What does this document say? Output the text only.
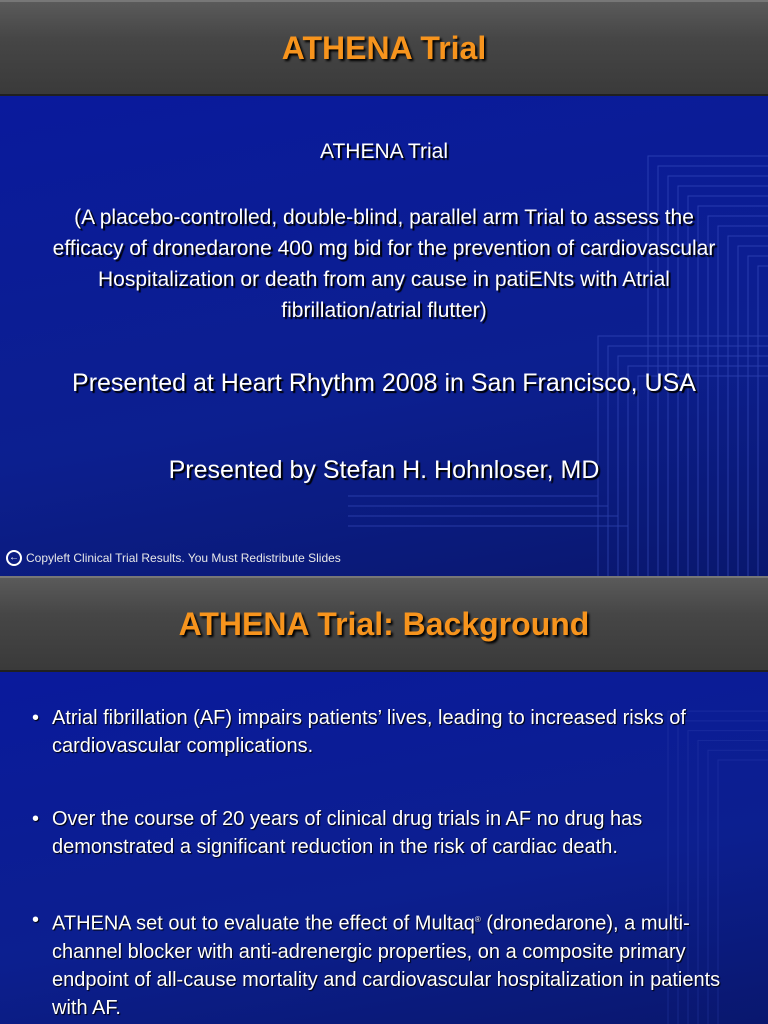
ATHENA Trial
ATHENA Trial
(A placebo-controlled, double-blind, parallel arm Trial to assess the efficacy of dronedarone 400 mg bid for the prevention of cardiovascular Hospitalization or death from any cause in patiENts with Atrial fibrillation/atrial flutter)
Presented at Heart Rhythm 2008 in San Francisco, USA
Presented by Stefan H. Hohnloser, MD
← Copyleft Clinical Trial Results. You Must Redistribute Slides
ATHENA Trial: Background
• Atrial fibrillation (AF) impairs patients’ lives, leading to increased risks of cardiovascular complications.
• Over the course of 20 years of clinical drug trials in AF no drug has demonstrated a significant reduction in the risk of cardiac death.
• ATHENA set out to evaluate the effect of Multaq® (dronedarone), a multi-channel blocker with anti-adrenergic properties, on a composite primary endpoint of all-cause mortality and cardiovascular hospitalization in patients with AF.
